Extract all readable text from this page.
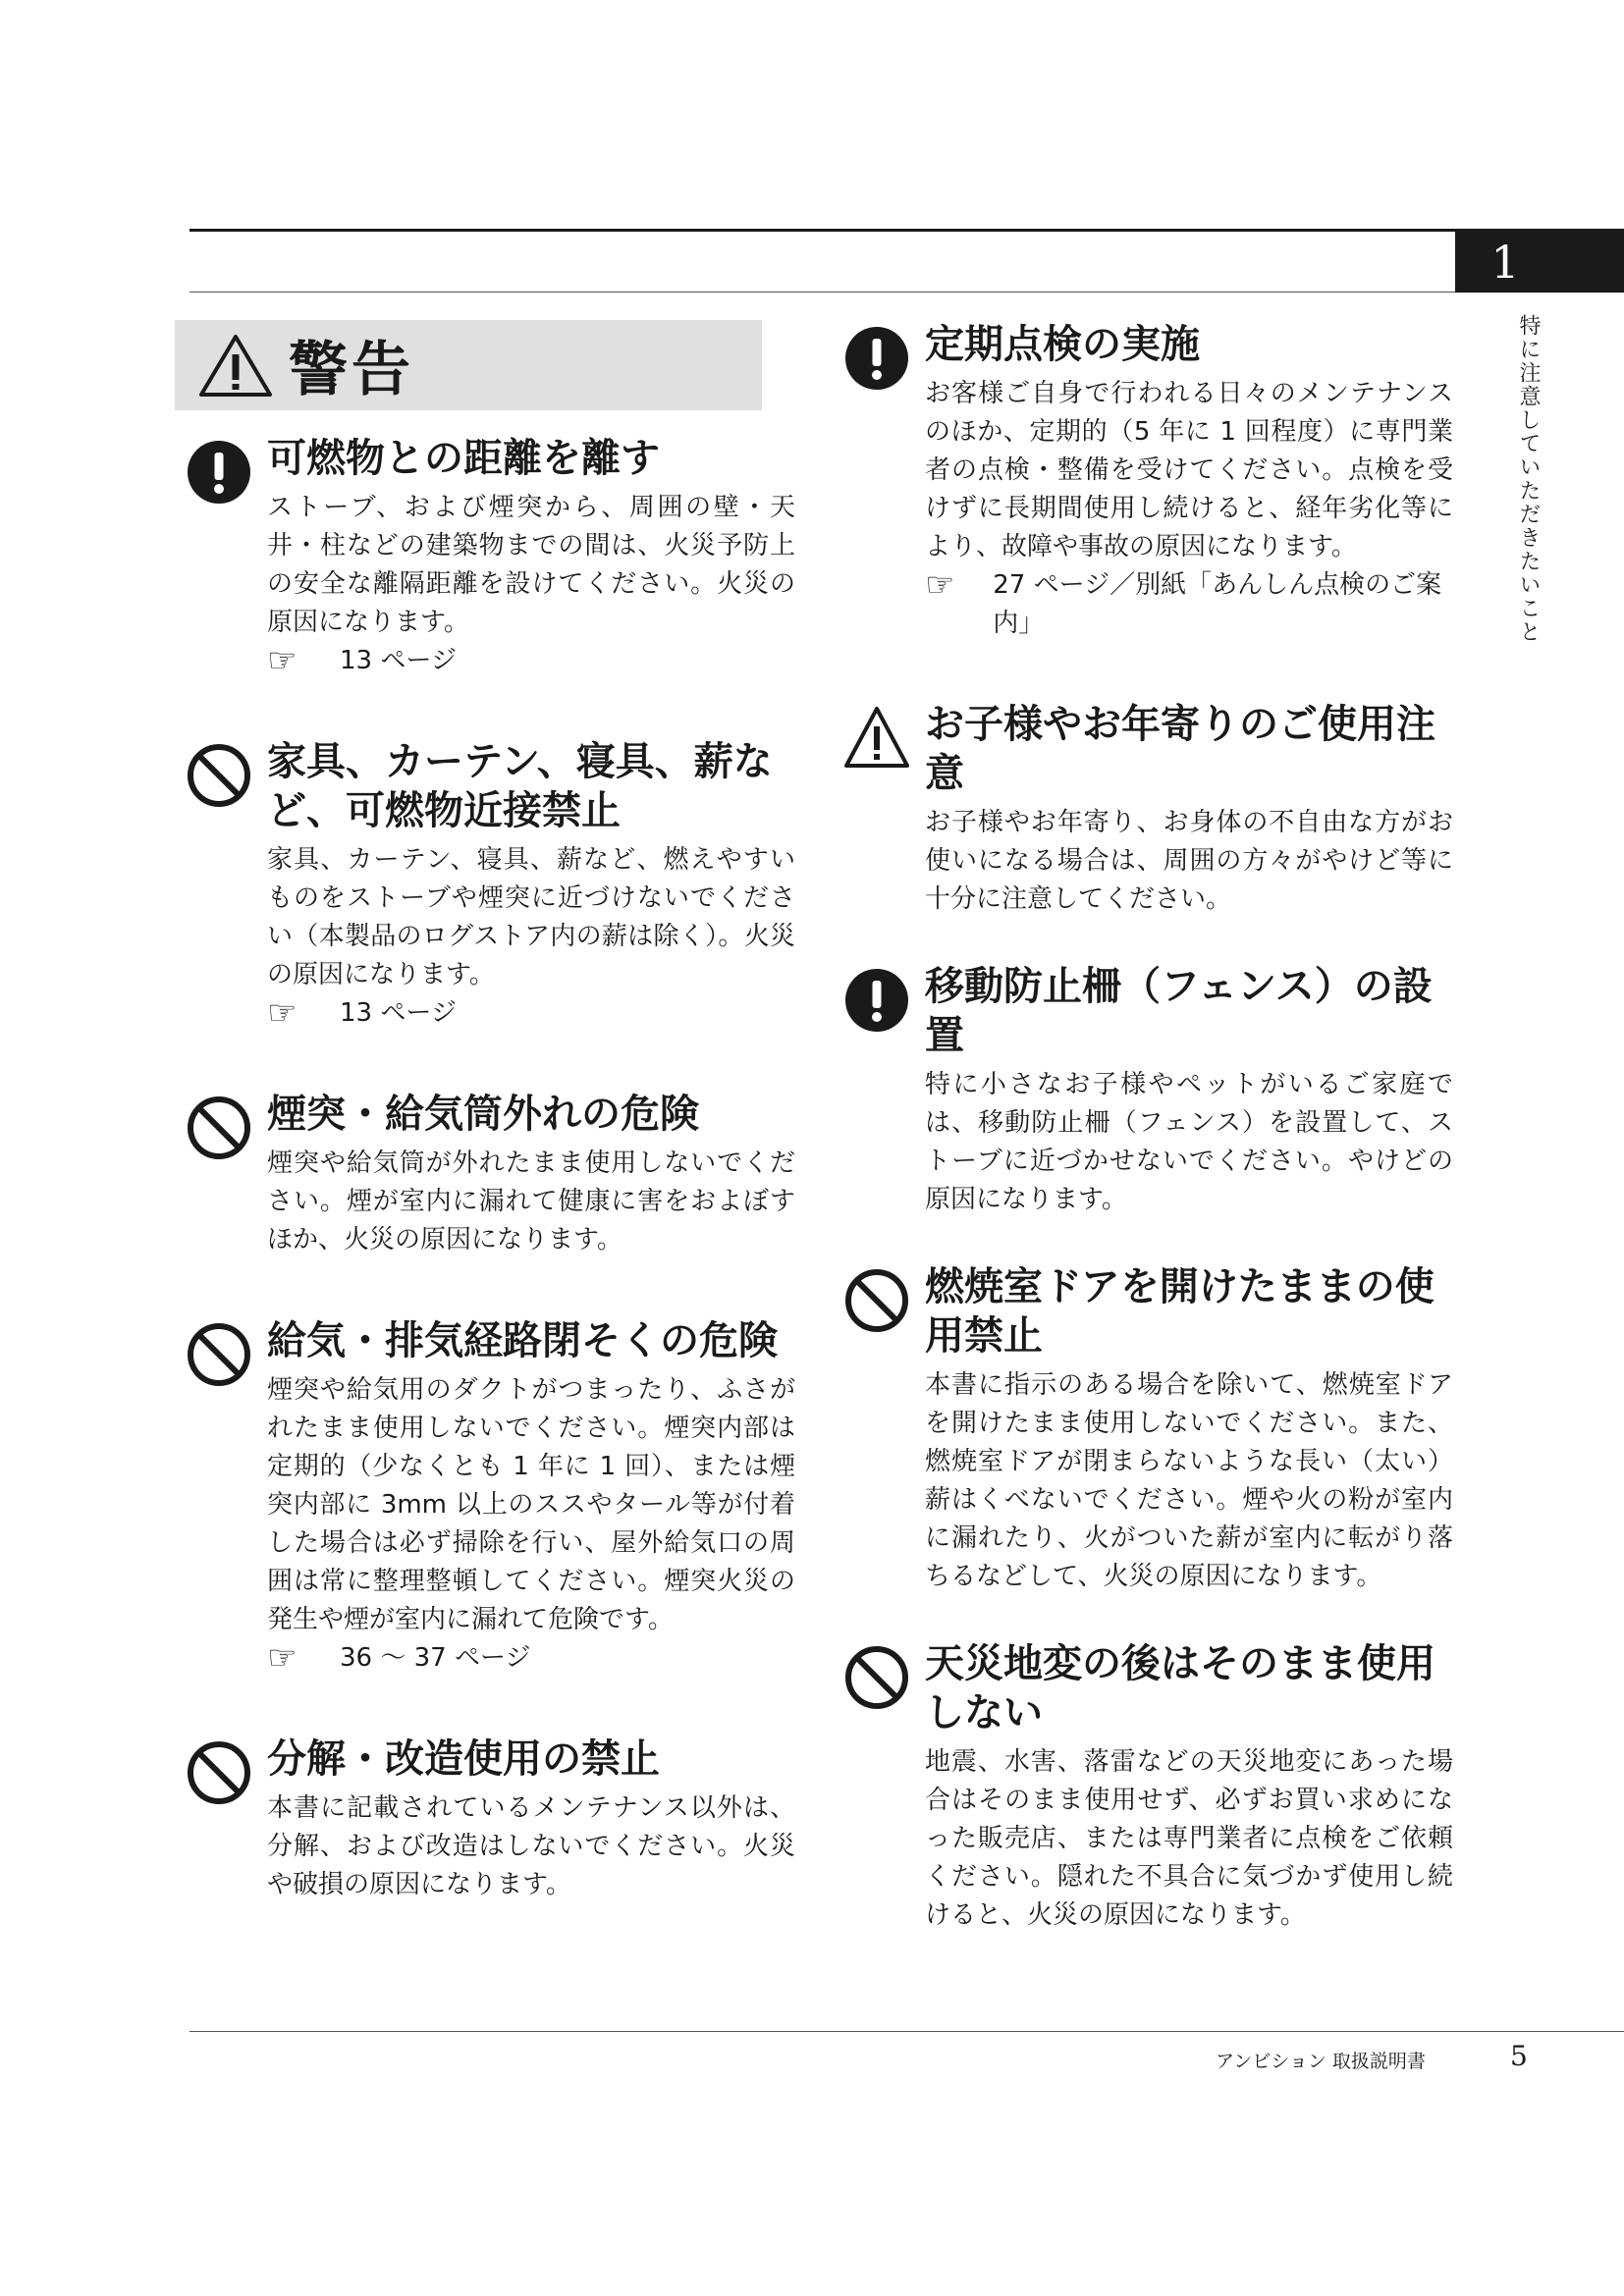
1
特に注意していただきたいこと
警告
可燃物との距離を離す
ストーブ、および煙突から、周囲の壁・天井・柱などの建築物までの間は、火災予防上の安全な離隔距離を設けてください。火災の原因になります。
☞	13 ページ
家具、カーテン、寝具、薪など、可燃物近接禁止
家具、カーテン、寝具、薪など、燃えやすいものをストーブや煙突に近づけないでください（本製品のログストア内の薪は除く）。火災の原因になります。
☞	13 ページ
煙突・給気筒外れの危険
煙突や給気筒が外れたまま使用しないでください。煙が室内に漏れて健康に害をおよぼすほか、火災の原因になります。
給気・排気経路閉そくの危険
煙突や給気用のダクトがつまったり、ふさがれたまま使用しないでください。煙突内部は定期的（少なくとも 1 年に 1 回）、または煙突内部に 3mm 以上のススやタール等が付着した場合は必ず掃除を行い、屋外給気口の周囲は常に整理整頓してください。煙突火災の発生や煙が室内に漏れて危険です。
☞	36 ～ 37 ページ
分解・改造使用の禁止
本書に記載されているメンテナンス以外は、分解、および改造はしないでください。火災や破損の原因になります。
定期点検の実施
お客様ご自身で行われる日々のメンテナンスのほか、定期的（5 年に 1 回程度）に専門業者の点検・整備を受けてください。点検を受けずに長期間使用し続けると、経年劣化等により、故障や事故の原因になります。
☞	27 ページ／別紙「あんしん点検のご案内」
お子様やお年寄りのご使用注意
お子様やお年寄り、お身体の不自由な方がお使いになる場合は、周囲の方々がやけど等に十分に注意してください。
移動防止柵（フェンス）の設置
特に小さなお子様やペットがいるご家庭では、移動防止柵（フェンス）を設置して、ストーブに近づかせないでください。やけどの原因になります。
燃焼室ドアを開けたままの使用禁止
本書に指示のある場合を除いて、燃焼室ドアを開けたまま使用しないでください。また、燃焼室ドアが閉まらないような長い（太い）薪はくべないでください。煙や火の粉が室内に漏れたり、火がついた薪が室内に転がり落ちるなどして、火災の原因になります。
天災地変の後はそのまま使用しない
地震、水害、落雷などの天災地変にあった場合はそのまま使用せず、必ずお買い求めになった販売店、または専門業者に点検をご依頼ください。隠れた不具合に気づかず使用し続けると、火災の原因になります。
アンビション 取扱説明書	5
